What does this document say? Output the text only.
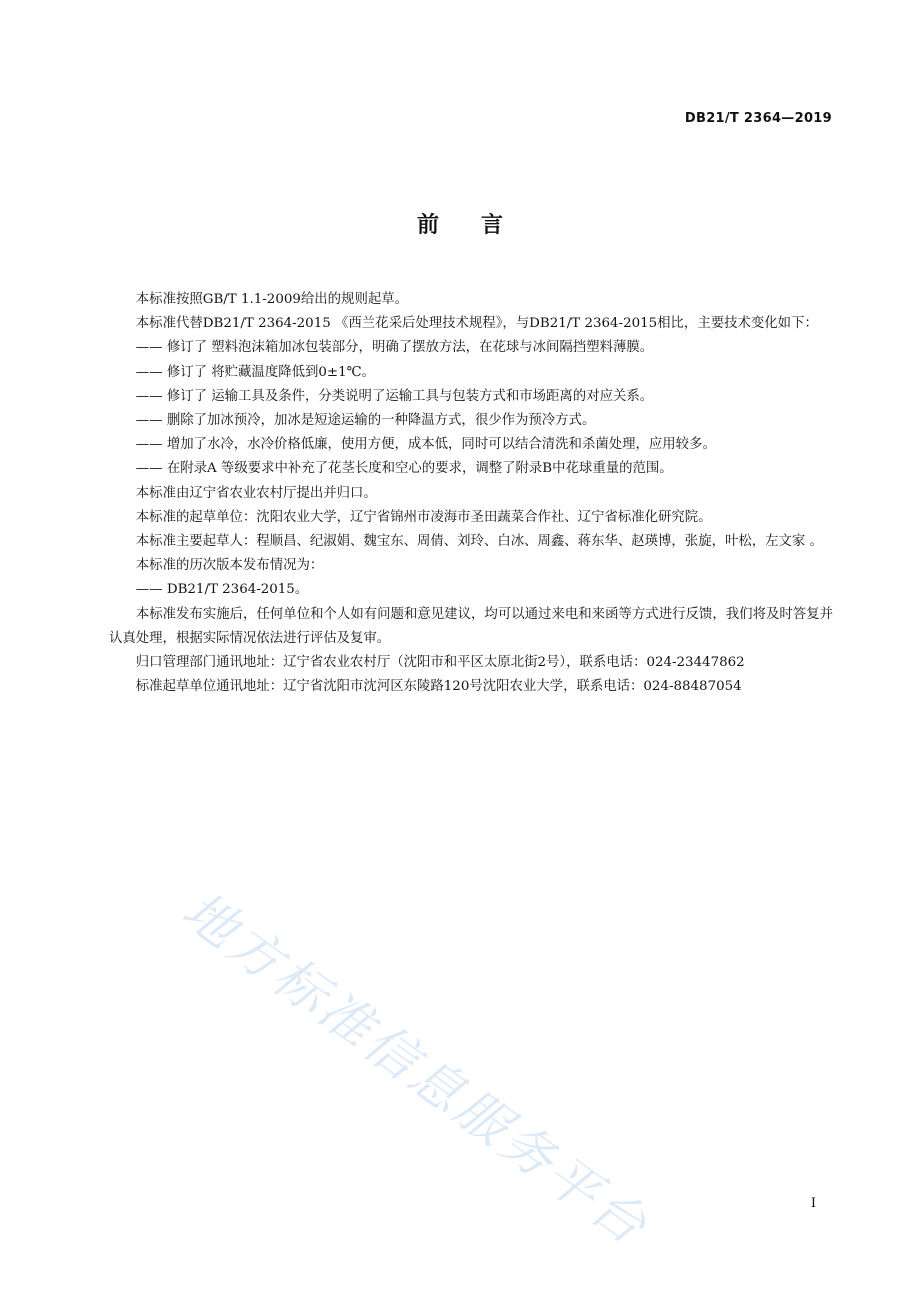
DB21/T 2364—2019
前言

本标准按照GB/T 1.1-2009给出的规则起草。

本标准代替DB21/T 2364-2015 《西兰花采后处理技术规程》，与DB21/T 2364-2015相比，主要技术变化如下：

—— 修订了 塑料泡沫箱加冰包装部分，明确了摆放方法，在花球与冰间隔挡塑料薄膜。

—— 修订了 将贮藏温度降低到0±1℃。

—— 修订了 运输工具及条件，分类说明了运输工具与包装方式和市场距离的对应关系。

—— 删除了加冰预冷，加冰是短途运输的一种降温方式，很少作为预冷方式。

—— 增加了水冷，水冷价格低廉，使用方便，成本低，同时可以结合清洗和杀菌处理，应用较多。

—— 在附录A 等级要求中补充了花茎长度和空心的要求，调整了附录B中花球重量的范围。

本标准由辽宁省农业农村厅提出并归口。

本标准的起草单位：沈阳农业大学，辽宁省锦州市凌海市圣田蔬菜合作社、辽宁省标准化研究院。

本标准主要起草人：程顺昌、纪淑娟、魏宝东、周倩、刘玲、白冰、周鑫、蒋东华、赵瑛博，张旋，叶松，左文家 。

本标准的历次版本发布情况为：

—— DB21/T 2364-2015。

本标准发布实施后，任何单位和个人如有问题和意见建议，均可以通过来电和来函等方式进行反馈，我们将及时答复并认真处理，根据实际情况依法进行评估及复审。

归口管理部门通讯地址：辽宁省农业农村厅（沈阳市和平区太原北街2号），联系电话：024-23447862

标准起草单位通讯地址：辽宁省沈阳市沈河区东陵路120号沈阳农业大学，联系电话：024-88487054

地方标准信息服务平台	I
